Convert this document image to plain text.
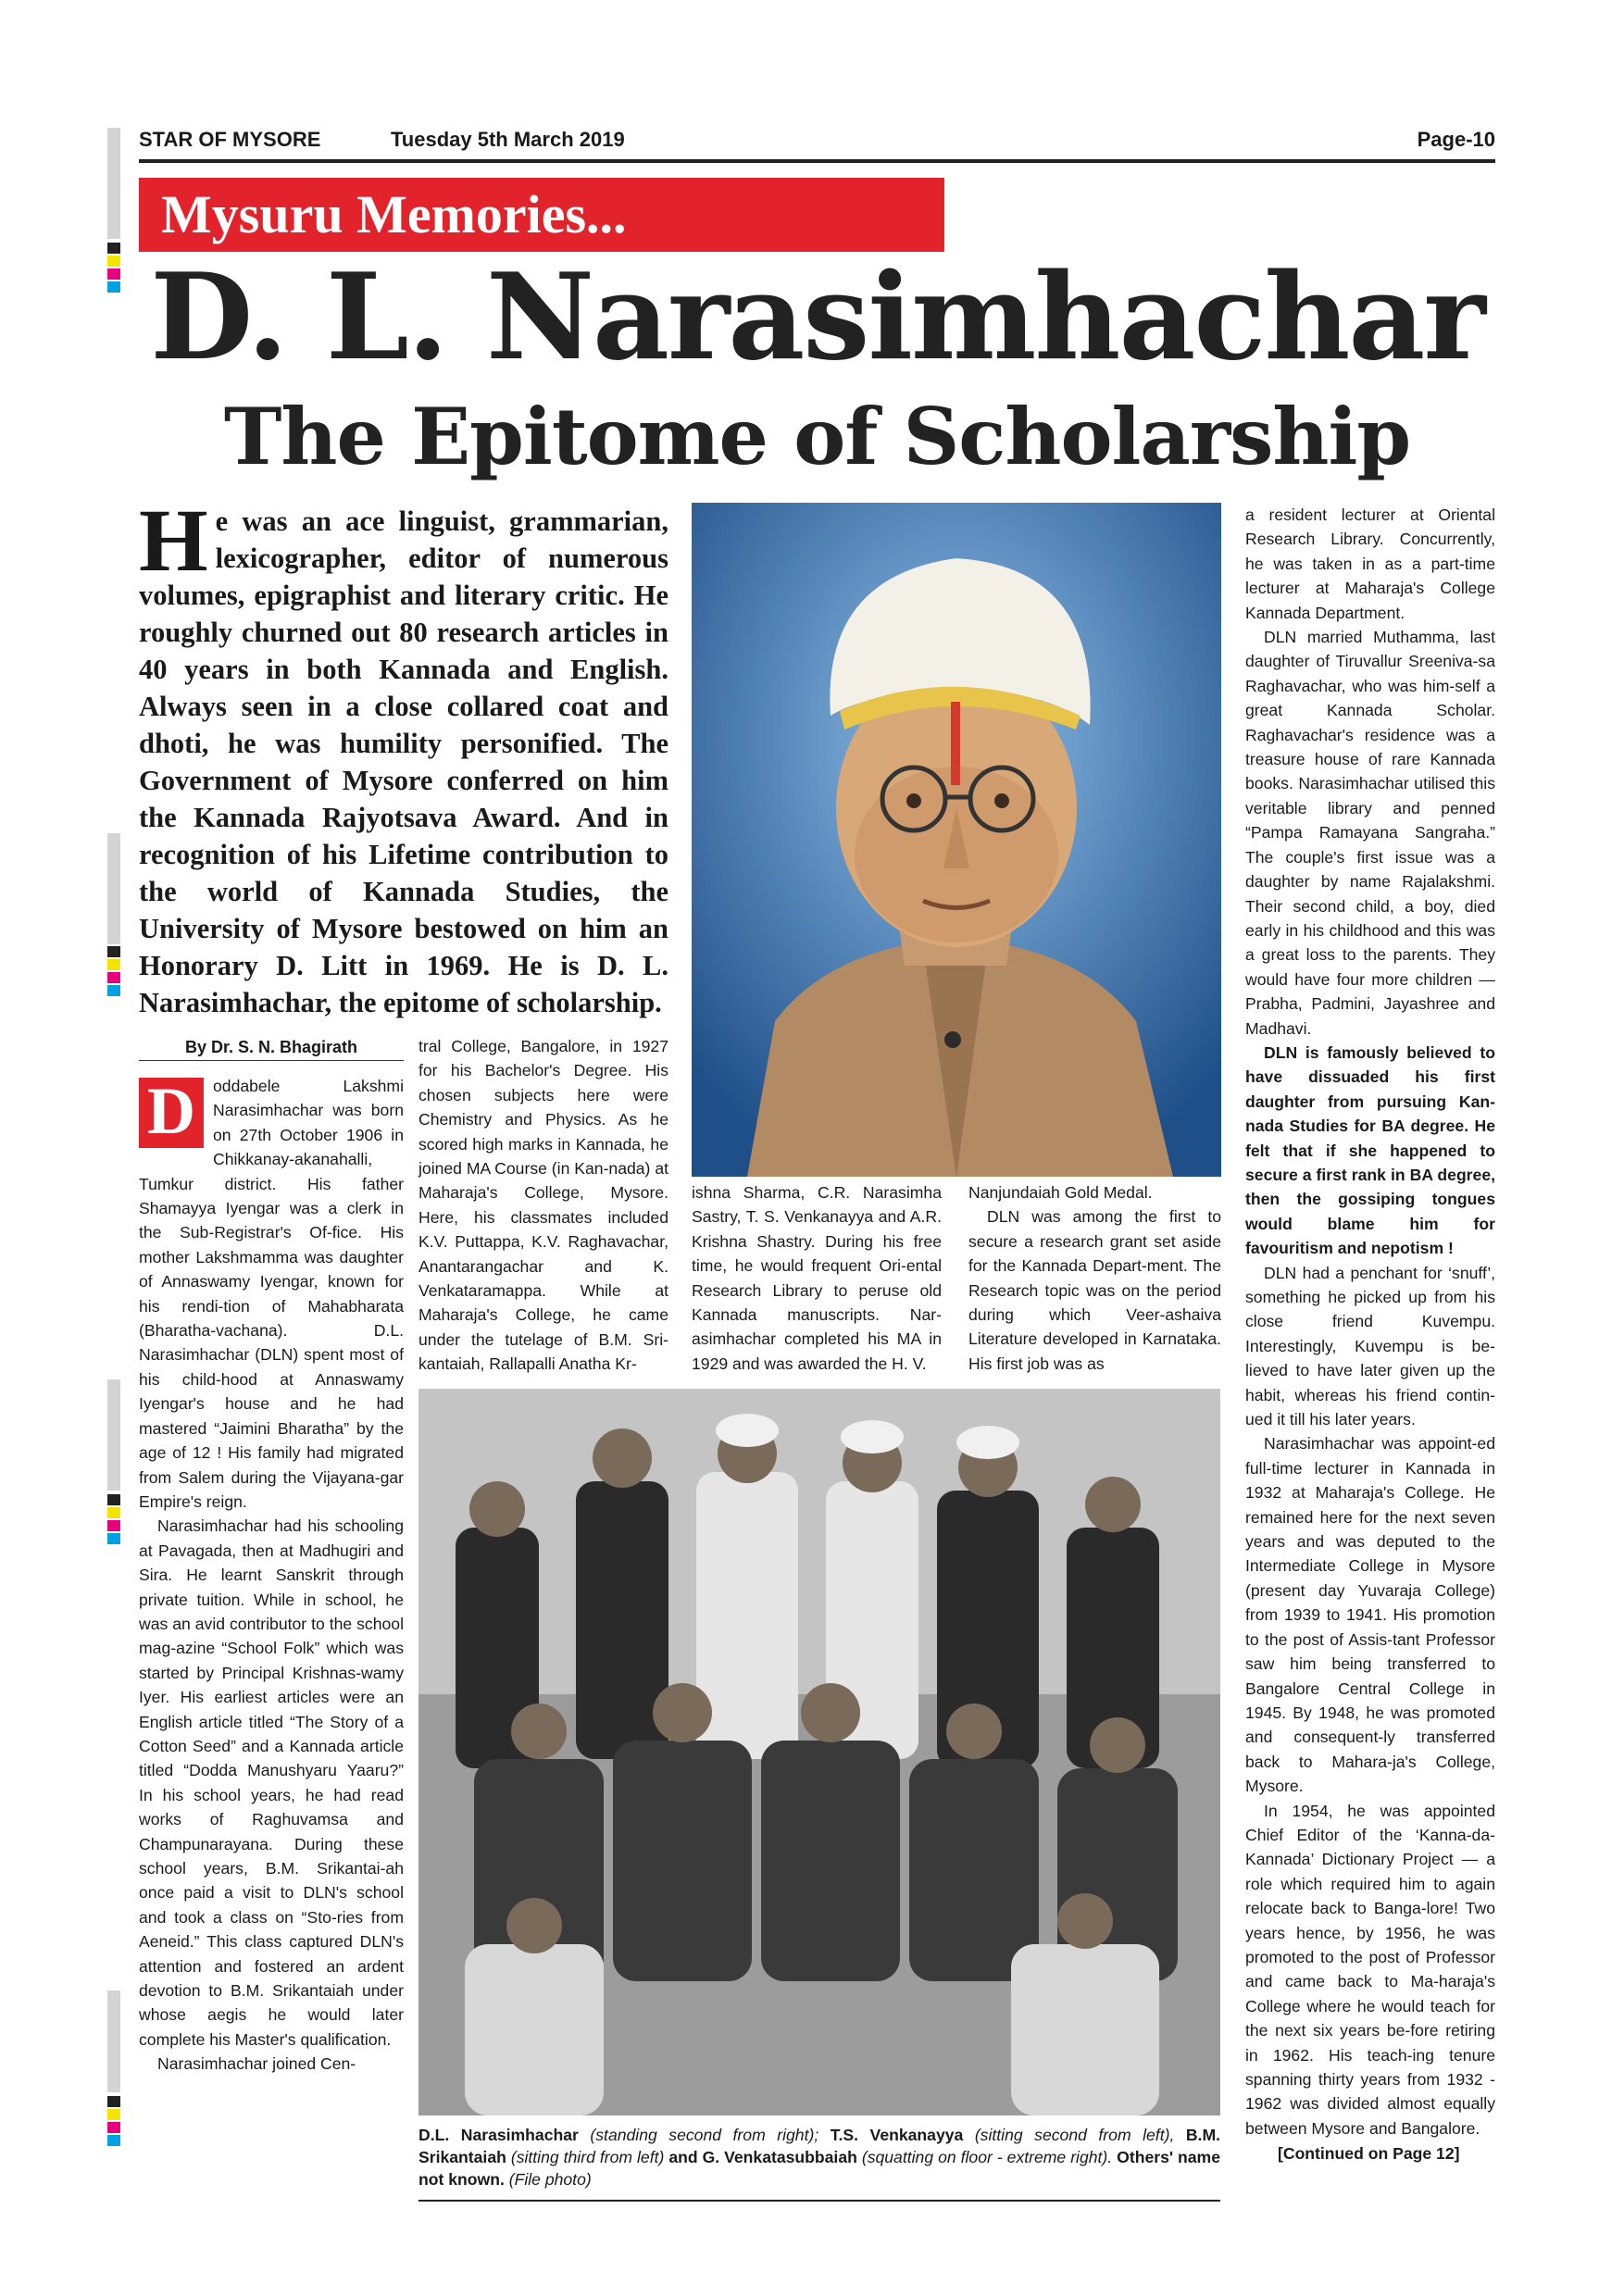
STAR OF MYSORE	Tuesday 5th March 2019	Page-10
Mysuru Memories...
D. L. Narasimhachar
The Epitome of Scholarship
He was an ace linguist, grammarian, lexicographer, editor of numerous volumes, epigraphist and literary critic. He roughly churned out 80 research articles in 40 years in both Kannada and English. Always seen in a close collared coat and dhoti, he was humility personified. The Government of Mysore conferred on him the Kannada Rajyotsava Award. And in recognition of his Lifetime contribution to the world of Kannada Studies, the University of Mysore bestowed on him an Honorary D. Litt in 1969. He is D. L. Narasimhachar, the epitome of scholarship.
By Dr. S. N. Bhagirath

D	oddabele Lakshmi Narasimhachar was born on 27th October 1906 in Chikkanay-akanahalli, Tumkur district. His father Shamayya Iyengar was a clerk in the Sub-Registrar's Of-fice. His mother Lakshmamma was daughter of Annaswamy Iyengar, known for his rendi-tion of Mahabharata (Bharatha-vachana). D.L. Narasimhachar (DLN) spent most of his child-hood at Annaswamy Iyengar's house and he had mastered “Jaimini Bharatha” by the age of 12 ! His family had migrated from Salem during the Vijayana-gar Empire's reign.

Narasimhachar had his schooling at Pavagada, then at Madhugiri and Sira. He learnt Sanskrit through private tuition. While in school, he was an avid contributor to the school mag-azine “School Folk” which was started by Principal Krishnas-wamy Iyer. His earliest articles were an English article titled “The Story of a Cotton Seed” and a Kannada article titled “Dodda Manushyaru Yaaru?” In his school years, he had read works of Raghuvamsa and Champunarayana. During these school years, B.M. Srikantai-ah once paid a visit to DLN's school and took a class on “Sto-ries from Aeneid.” This class captured DLN's attention and fostered an ardent devotion to B.M. Srikantaiah under whose aegis he would later complete his Master's qualification.

Narasimhachar joined Cen-

tral College, Bangalore, in 1927 for his Bachelor's Degree. His chosen subjects here were Chemistry and Physics. As he scored high marks in Kannada, he joined MA Course (in Kan-nada) at Maharaja's College, Mysore. Here, his classmates included K.V. Puttappa, K.V. Raghavachar, Anantarangachar and K. Venkataramappa. While at Maharaja's College, he came under the tutelage of B.M. Sri-kantaiah, Rallapalli Anatha Kr-

ishna Sharma, C.R. Narasimha Sastry, T. S. Venkanayya and A.R. Krishna Shastry. During his free time, he would frequent Ori-ental Research Library to peruse old Kannada manuscripts. Nar-asimhachar completed his MA in 1929 and was awarded the H. V.

Nanjundaiah Gold Medal.

DLN was among the first to secure a research grant set aside for the Kannada Depart-ment. The Research topic was on the period during which Veer-ashaiva Literature developed in Karnataka. His first job was as

a resident lecturer at Oriental Research Library. Concurrently, he was taken in as a part-time lecturer at Maharaja's College Kannada Department.

DLN married Muthamma, last daughter of Tiruvallur Sreeniva-sa Raghavachar, who was him-self a great Kannada Scholar. Raghavachar's residence was a treasure house of rare Kannada books. Narasimhachar utilised this veritable library and penned “Pampa Ramayana Sangraha.” The couple's first issue was a daughter by name Rajalakshmi. Their second child, a boy, died early in his childhood and this was a great loss to the parents. They would have four more children — Prabha, Padmini, Jayashree and Madhavi.

DLN is famously believed to have dissuaded his first daughter from pursuing Kan-nada Studies for BA degree. He felt that if she happened to secure a first rank in BA degree, then the gossiping tongues would blame him for favouritism and nepotism !

DLN had a penchant for ‘snuff’, something he picked up from his close friend Kuvempu. Interestingly, Kuvempu is be-lieved to have later given up the habit, whereas his friend contin-ued it till his later years.

Narasimhachar was appoint-ed full-time lecturer in Kannada in 1932 at Maharaja's College. He remained here for the next seven years and was deputed to the Intermediate College in Mysore (present day Yuvaraja College) from 1939 to 1941. His promotion to the post of Assis-tant Professor saw him being transferred to Bangalore Central College in 1945. By 1948, he was promoted and consequent-ly transferred back to Mahara-ja's College, Mysore.

In 1954, he was appointed Chief Editor of the ‘Kanna-da-Kannada’ Dictionary Project — a role which required him to again relocate back to Banga-lore! Two years hence, by 1956, he was promoted to the post of Professor and came back to Ma-haraja's College where he would teach for the next six years be-fore retiring in 1962. His teach-ing tenure spanning thirty years from 1932 - 1962 was divided almost equally between Mysore and Bangalore.

D.L. Narasimhachar (standing second from right); T.S. Venkanayya (sitting second from left), B.M. Srikantaiah (sitting third from left) and G. Venkatasubbaiah (squatting on floor - extreme right). Others' name not known. (File photo)
[Continued on Page 12]
